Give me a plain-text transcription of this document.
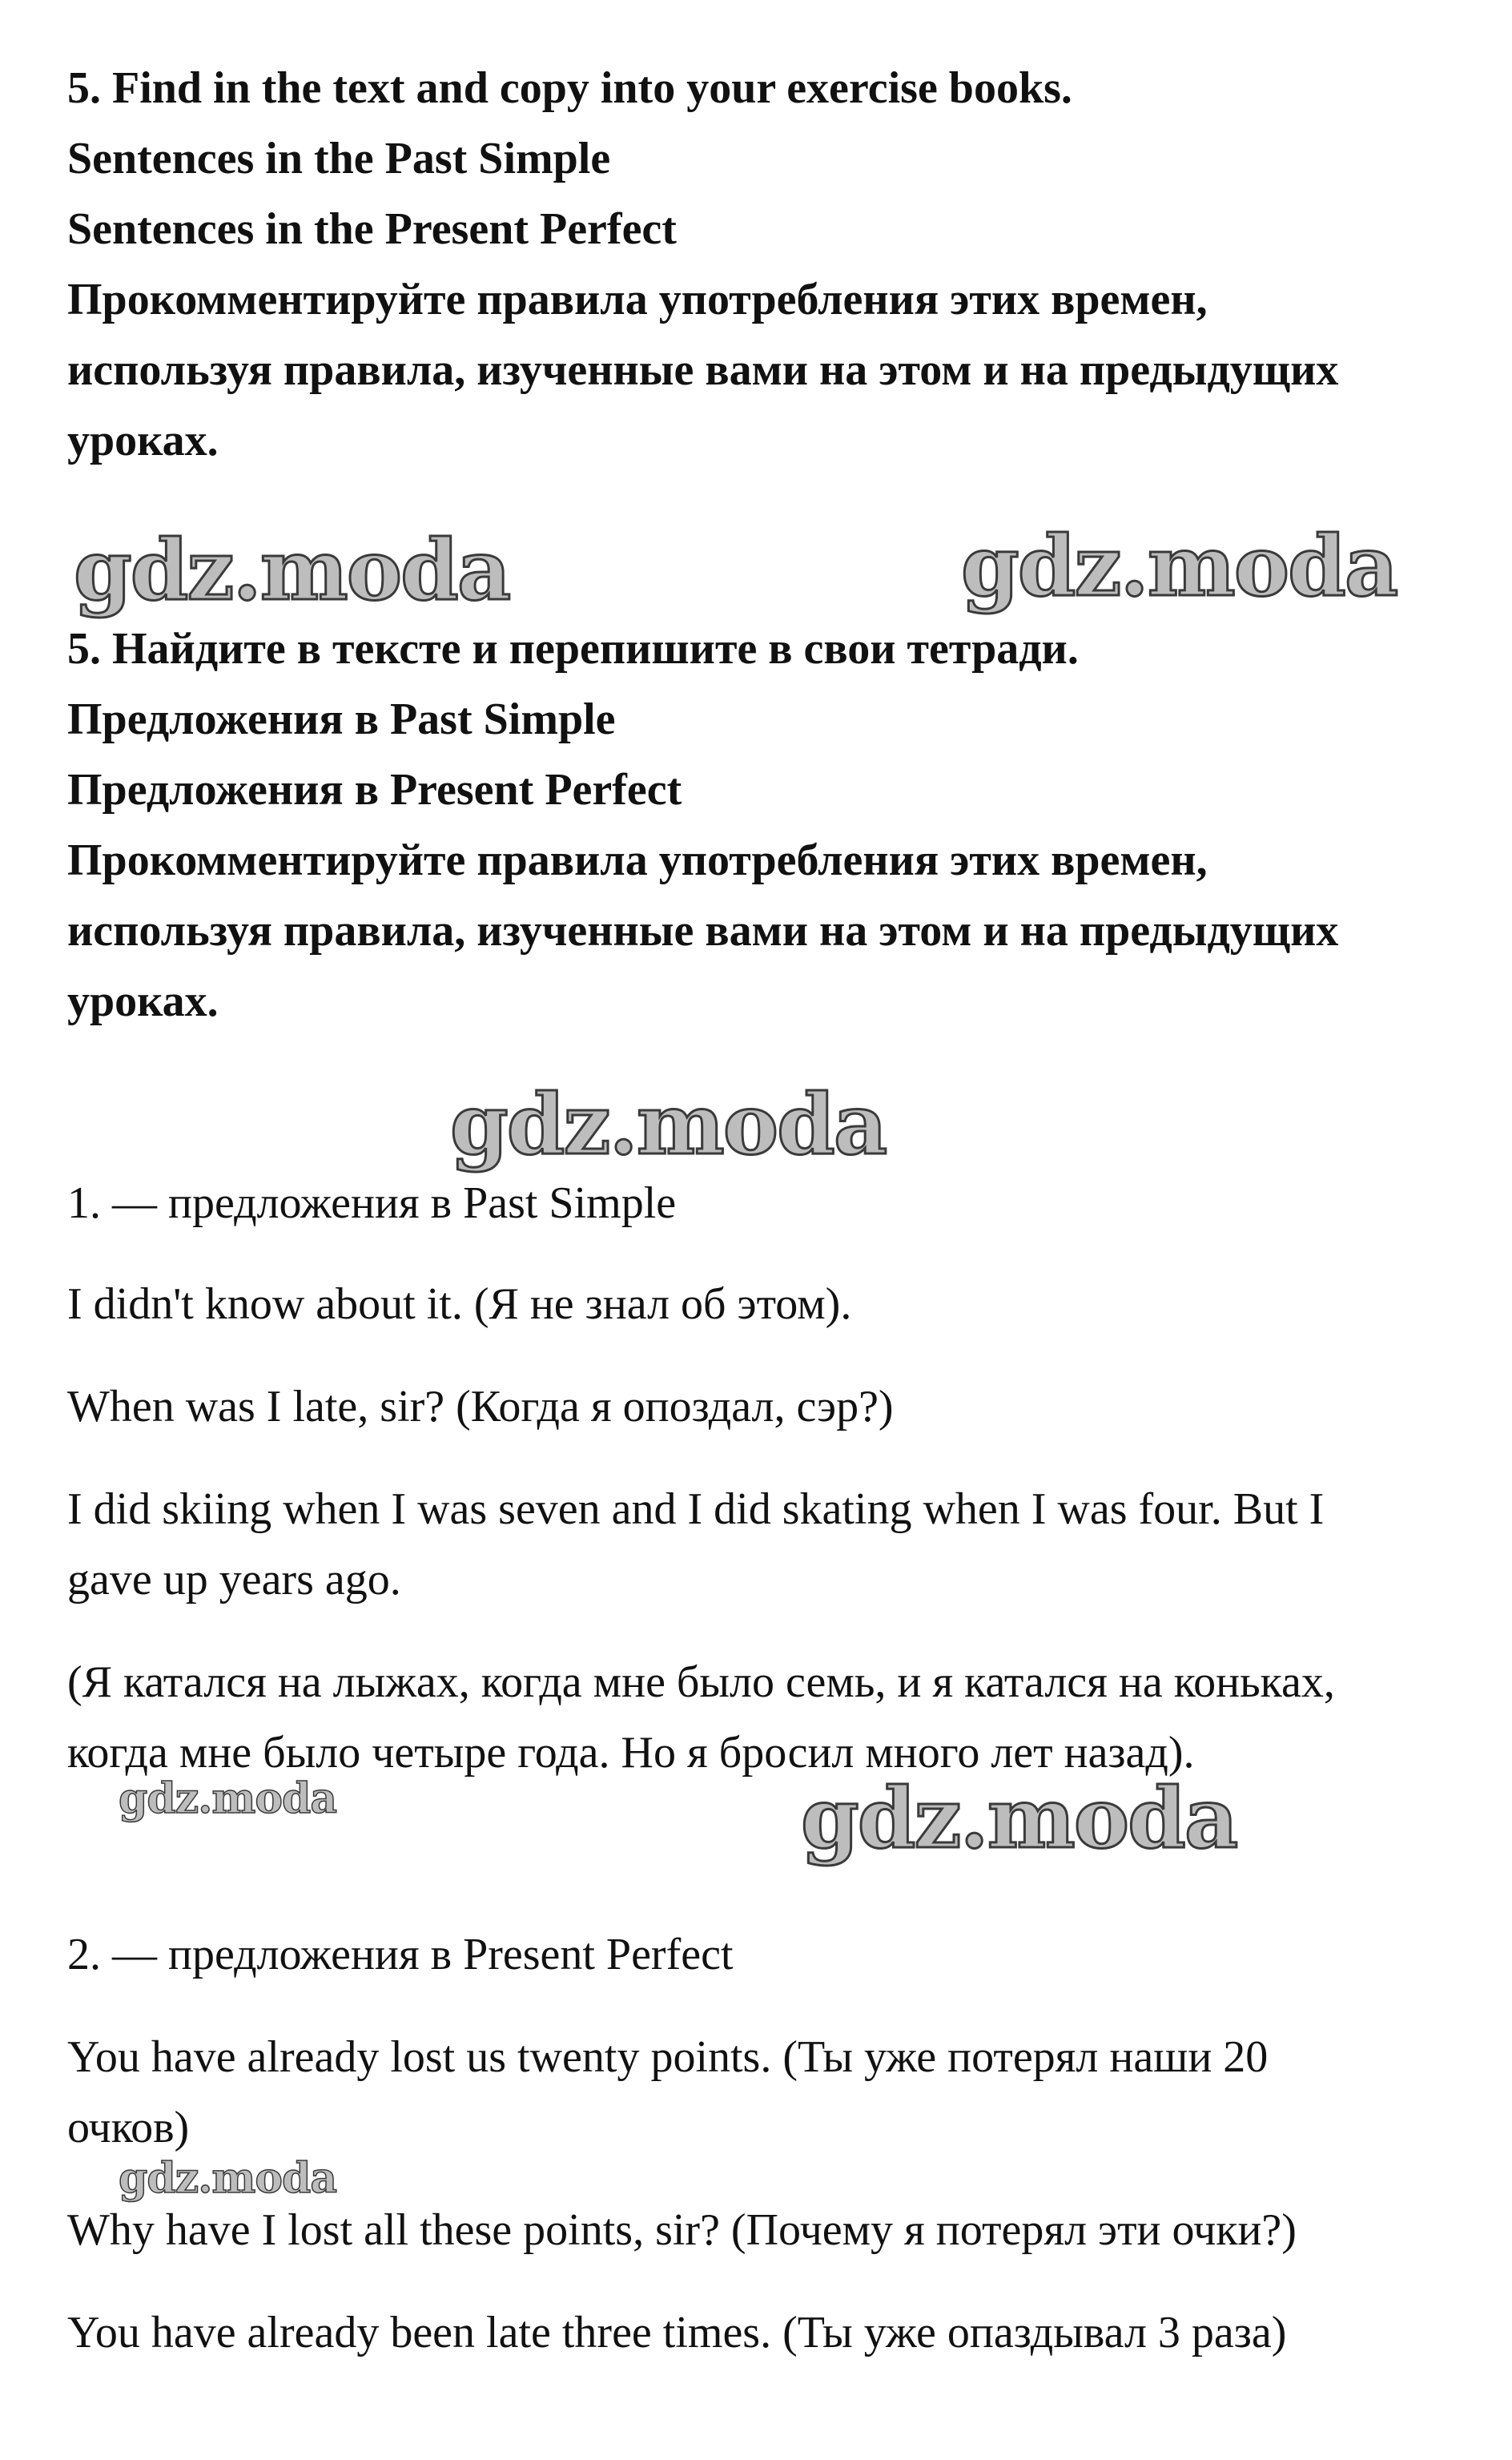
5. Find in the text and copy into your exercise books.
Sentences in the Past Simple
Sentences in the Present Perfect
Прокомментируйте правила употребления этих времен,
используя правила, изученные вами на этом и на предыдущих
уроках.
gdz.moda	gdz.moda
5. Найдите в тексте и перепишите в свои тетради.
Предложения в Past Simple
Предложения в Present Perfect
Прокомментируйте правила употребления этих времен,
используя правила, изученные вами на этом и на предыдущих
уроках.
gdz.moda
1. — предложения в Past Simple
I didn't know about it. (Я не знал об этом).
When was I late, sir? (Когда я опоздал, сэр?)
I did skiing when I was seven and I did skating when I was four. But I
gave up years ago.
(Я катался на лыжах, когда мне было семь, и я катался на коньках,
когда мне было четыре года. Но я бросил много лет назад).
gdz.moda	gdz.moda
2. — предложения в Present Perfect
You have already lost us twenty points. (Ты уже потерял наши 20
очков)
gdz.moda
Why have I lost all these points, sir? (Почему я потерял эти очки?)
You have already been late three times. (Ты уже опаздывал 3 раза)
